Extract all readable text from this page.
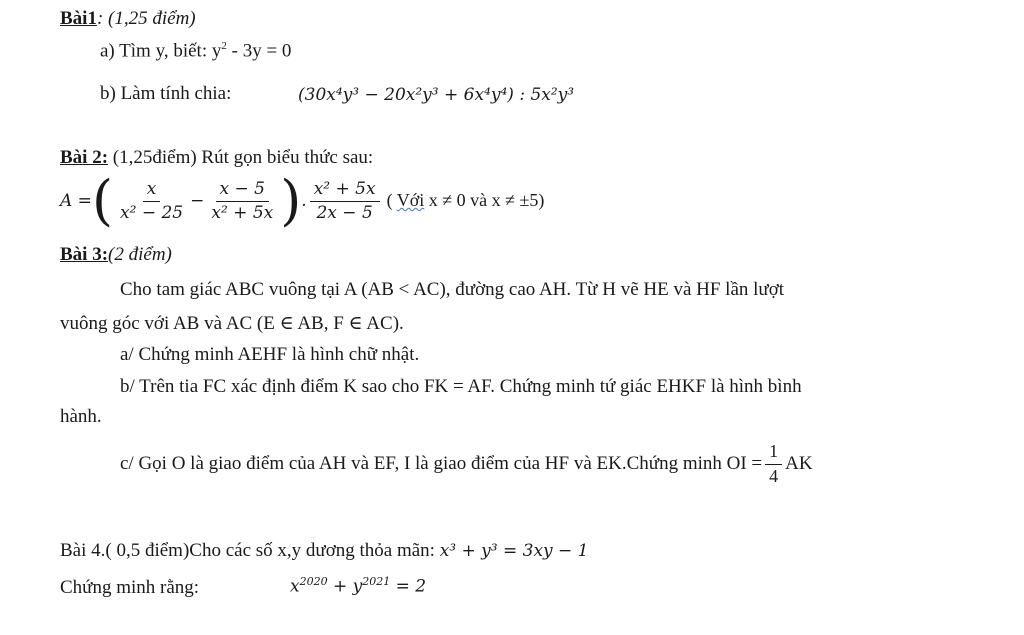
Bài1: (1,25 điểm)
a) Tìm y, biết: $y^2 - 3y = 0$
b) Làm tính chia:	(30x⁴y³ − 20x²y³ + 6x⁴y⁴) : 5x²y³
Bài 2: (1,25điểm) Rút gọn biểu thức sau:
A = ( $\frac{x}{\text{x² − 25}} - \frac{x - 5}{\text{x² + 5x}}$ ) . $\frac{\text{x² + 5x}}{2x - 5}$ ( Với x ≠ 0 và x ≠ ±5)
Bài 3:(2 điểm)
Cho tam giác ABC vuông tại A (AB < AC), đường cao AH. Từ H vẽ HE và HF lần lượt
vuông góc với AB và AC (E ∈ AB, F ∈ AC).
a/ Chứng minh AEHF là hình chữ nhật.
b/ Trên tia FC xác định điểm K sao cho FK = AF. Chứng minh tứ giác EHKF là hình bình
hành.
c/ Gọi O là giao điểm của AH và EF, I là giao điểm của HF và EK.Chứng minh OI = $\frac{1}{4}$ AK
Bài 4.( 0,5 điểm)Cho các số x,y dương thỏa mãn: x³ + y³ = 3xy − 1
Chứng minh rằng:	$x^{2020} + y^{2021} = 2$
